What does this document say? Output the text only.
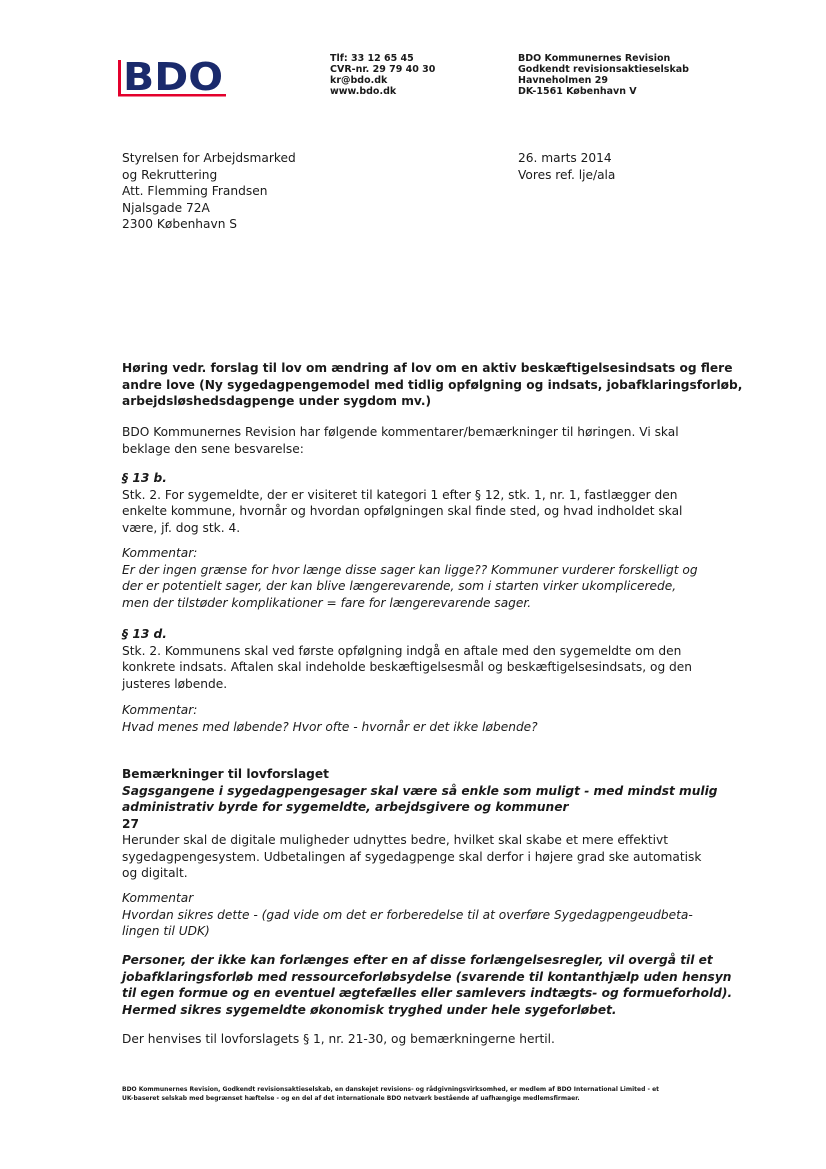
BDO	Tlf: 33 12 65 45
CVR-nr. 29 79 40 30
kr@bdo.dk
www.bdo.dk
BDO Kommunernes Revision
Godkendt revisionsaktieselskab
Havneholmen 29
DK-1561 København V
Styrelsen for Arbejdsmarked
og Rekruttering
Att. Flemming Frandsen
Njalsgade 72A
2300 København S
26. marts 2014
Vores ref. lje/ala
Høring vedr. forslag til lov om ændring af lov om en aktiv beskæftigelsesindsats og flere
andre love (Ny sygedagpengemodel med tidlig opfølgning og indsats, jobafklaringsforløb,
arbejdsløshedsdagpenge under sygdom mv.)
BDO Kommunernes Revision har følgende kommentarer/bemærkninger til høringen. Vi skal
beklage den sene besvarelse:
§ 13 b.
Stk. 2. For sygemeldte, der er visiteret til kategori 1 efter § 12, stk. 1, nr. 1, fastlægger den
enkelte kommune, hvornår og hvordan opfølgningen skal finde sted, og hvad indholdet skal
være, jf. dog stk. 4.
Kommentar:
Er der ingen grænse for hvor længe disse sager kan ligge?? Kommuner vurderer forskelligt og
der er potentielt sager, der kan blive længerevarende, som i starten virker ukomplicerede,
men der tilstøder komplikationer = fare for længerevarende sager.
§ 13 d.
Stk. 2. Kommunens skal ved første opfølgning indgå en aftale med den sygemeldte om den
konkrete indsats. Aftalen skal indeholde beskæftigelsesmål og beskæftigelsesindsats, og den
justeres løbende.
Kommentar:
Hvad menes med løbende? Hvor ofte - hvornår er det ikke løbende?
Bemærkninger til lovforslaget
Sagsgangene i sygedagpengesager skal være så enkle som muligt - med mindst mulig
administrativ byrde for sygemeldte, arbejdsgivere og kommuner
27
Herunder skal de digitale muligheder udnyttes bedre, hvilket skal skabe et mere effektivt
sygedagpengesystem. Udbetalingen af sygedagpenge skal derfor i højere grad ske automatisk
og digitalt.
Kommentar
Hvordan sikres dette - (gad vide om det er forberedelse til at overføre Sygedagpengeudbeta-
lingen til UDK)
Personer, der ikke kan forlænges efter en af disse forlængelsesregler, vil overgå til et
jobafklaringsforløb med ressourceforløbsydelse (svarende til kontanthjælp uden hensyn
til egen formue og en eventuel ægtefælles eller samlevers indtægts- og formueforhold).
Hermed sikres sygemeldte økonomisk tryghed under hele sygeforløbet.
Der henvises til lovforslagets § 1, nr. 21-30, og bemærkningerne hertil.
BDO Kommunernes Revision, Godkendt revisionsaktieselskab, en danskejet revisions- og rådgivningsvirksomhed, er medlem af BDO International Limited - et
UK-baseret selskab med begrænset hæftelse - og en del af det internationale BDO netværk bestående af uafhængige medlemsfirmaer.
